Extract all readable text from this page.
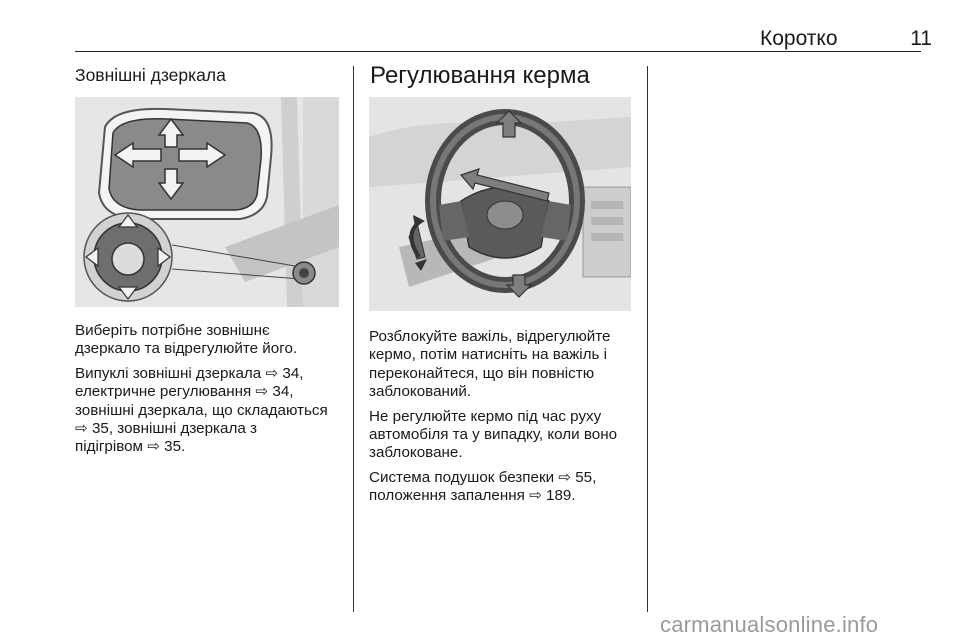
Коротко	11
Зовнішні дзеркала

Виберіть потрібне зовнішнє
дзеркало та відрегулюйте його.

Випуклі зовнішні дзеркала ⇨ 34,
електричне регулювання ⇨ 34,
зовнішні дзеркала, що складаються
⇨ 35, зовнішні дзеркала з
підігрівом ⇨ 35.

Регулювання керма

Розблокуйте важіль, відрегулюйте
кермо, потім натисніть на важіль і
переконайтеся, що він повністю
заблокований.

Не регулюйте кермо під час руху
автомобіля та у випадку, коли воно
заблоковане.

Система подушок безпеки ⇨ 55,
положення запалення ⇨ 189.

carmanualsonline.info
